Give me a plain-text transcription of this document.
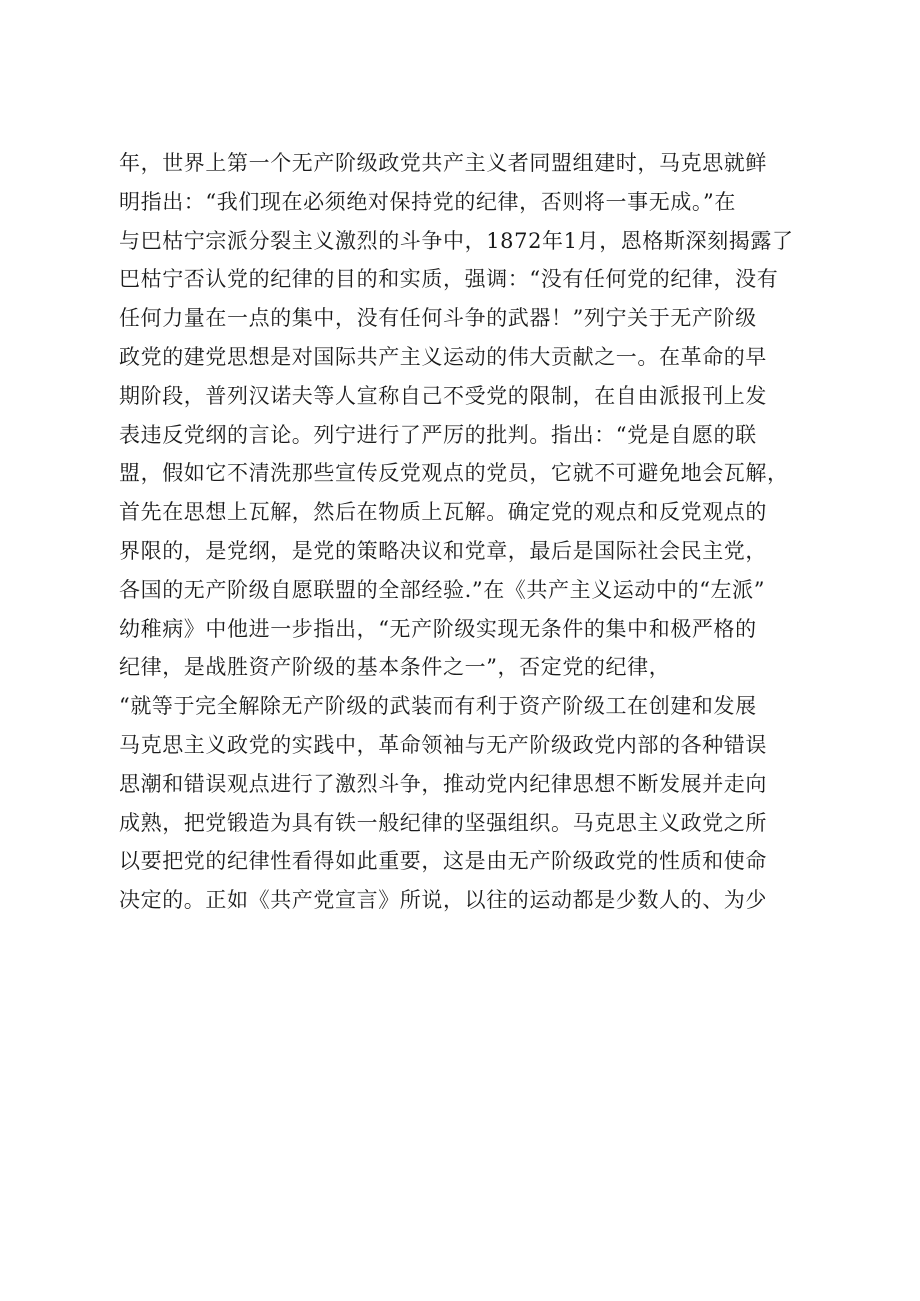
年，世界上第一个无产阶级政党共产主义者同盟组建时，马克思就鲜
明指出：“我们现在必须绝对保持党的纪律，否则将一事无成。”在
与巴枯宁宗派分裂主义激烈的斗争中，1872年1月，恩格斯深刻揭露了
巴枯宁否认党的纪律的目的和实质，强调：“没有任何党的纪律，没有
任何力量在一点的集中，没有任何斗争的武器！”列宁关于无产阶级
政党的建党思想是对国际共产主义运动的伟大贡献之一。在革命的早
期阶段，普列汉诺夫等人宣称自己不受党的限制，在自由派报刊上发
表违反党纲的言论。列宁进行了严厉的批判。指出：“党是自愿的联
盟，假如它不清洗那些宣传反党观点的党员，它就不可避免地会瓦解，
首先在思想上瓦解，然后在物质上瓦解。确定党的观点和反党观点的
界限的，是党纲，是党的策略决议和党章，最后是国际社会民主党，
各国的无产阶级自愿联盟的全部经验.”在《共产主义运动中的“左派”
幼稚病》中他进一步指出，“无产阶级实现无条件的集中和极严格的
纪律，是战胜资产阶级的基本条件之一”，否定党的纪律，
“就等于完全解除无产阶级的武装而有利于资产阶级工在创建和发展
马克思主义政党的实践中，革命领袖与无产阶级政党内部的各种错误
思潮和错误观点进行了激烈斗争，推动党内纪律思想不断发展并走向
成熟，把党锻造为具有铁一般纪律的坚强组织。马克思主义政党之所
以要把党的纪律性看得如此重要，这是由无产阶级政党的性质和使命
决定的。正如《共产党宣言》所说，以往的运动都是少数人的、为少
